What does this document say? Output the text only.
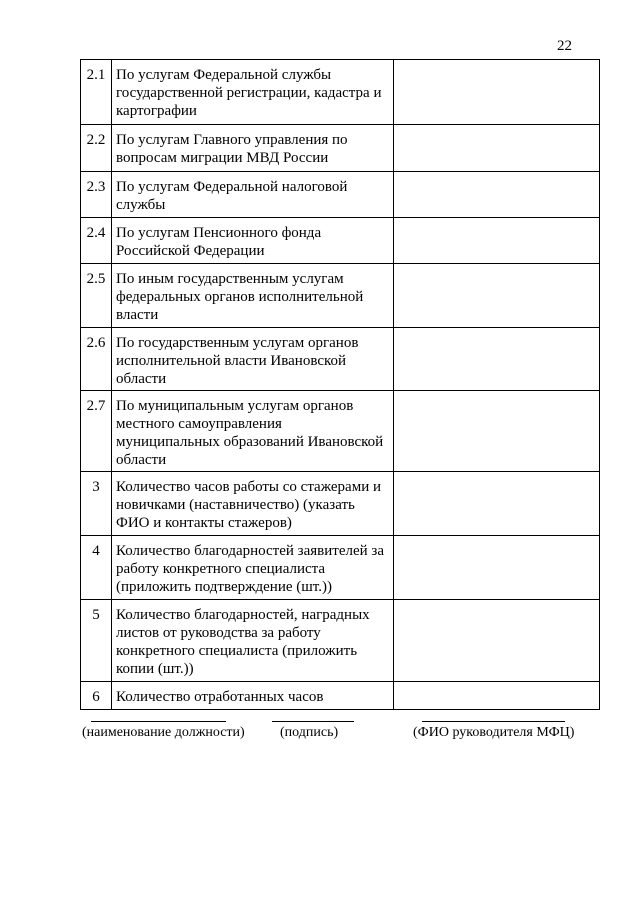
22
2.1	По услугам Федеральной службы государственной регистрации, кадастра и картографии	
2.2	По услугам Главного управления по вопросам миграции МВД России	
2.3	По услугам Федеральной налоговой службы	
2.4	По услугам Пенсионного фонда Российской Федерации	
2.5	По иным государственным услугам федеральных органов исполнительной власти	
2.6	По государственным услугам органов исполнительной власти Ивановской области	
2.7	По муниципальным услугам органов местного самоуправления муниципальных образований Ивановской области	
3	Количество часов работы со стажерами и новичками (наставничество) (указать ФИО и контакты стажеров)	
4	Количество благодарностей заявителей за работу конкретного специалиста (приложить подтверждение (шт.))	
5	Количество благодарностей, наградных листов от руководства за работу конкретного специалиста (приложить копии (шт.))	
6	Количество отработанных часов	
(наименование должности)	(подпись)	(ФИО руководителя МФЦ)
